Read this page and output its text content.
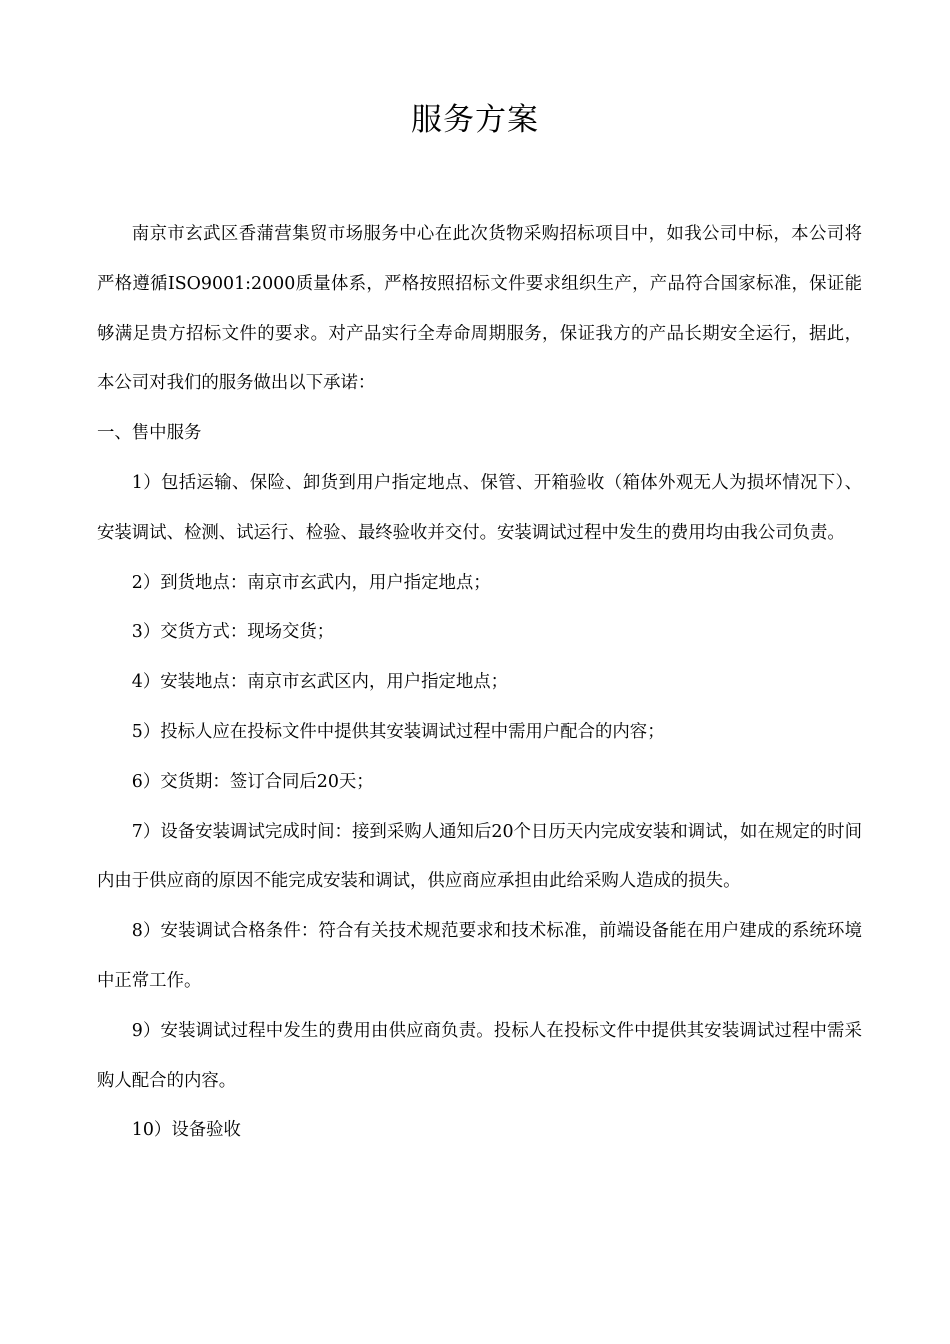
服务方案

南京市玄武区香蒲营集贸市场服务中心在此次货物采购招标项目中，如我公司中标，本公司将严格遵循ISO9001:2000质量体系，严格按照招标文件要求组织生产，产品符合国家标准，保证能够满足贵方招标文件的要求。对产品实行全寿命周期服务，保证我方的产品长期安全运行，据此，本公司对我们的服务做出以下承诺：

一、售中服务

1）包括运输、保险、卸货到用户指定地点、保管、开箱验收（箱体外观无人为损坏情况下）、安装调试、检测、试运行、检验、最终验收并交付。安装调试过程中发生的费用均由我公司负责。

2）到货地点：南京市玄武内，用户指定地点；

3）交货方式：现场交货；

4）安装地点：南京市玄武区内，用户指定地点；

5）投标人应在投标文件中提供其安装调试过程中需用户配合的内容；

6）交货期：签订合同后20天；

7）设备安装调试完成时间：接到采购人通知后20个日历天内完成安装和调试，如在规定的时间内由于供应商的原因不能完成安装和调试，供应商应承担由此给采购人造成的损失。

8）安装调试合格条件：符合有关技术规范要求和技术标准，前端设备能在用户建成的系统环境中正常工作。

9）安装调试过程中发生的费用由供应商负责。投标人在投标文件中提供其安装调试过程中需采购人配合的内容。

10）设备验收
